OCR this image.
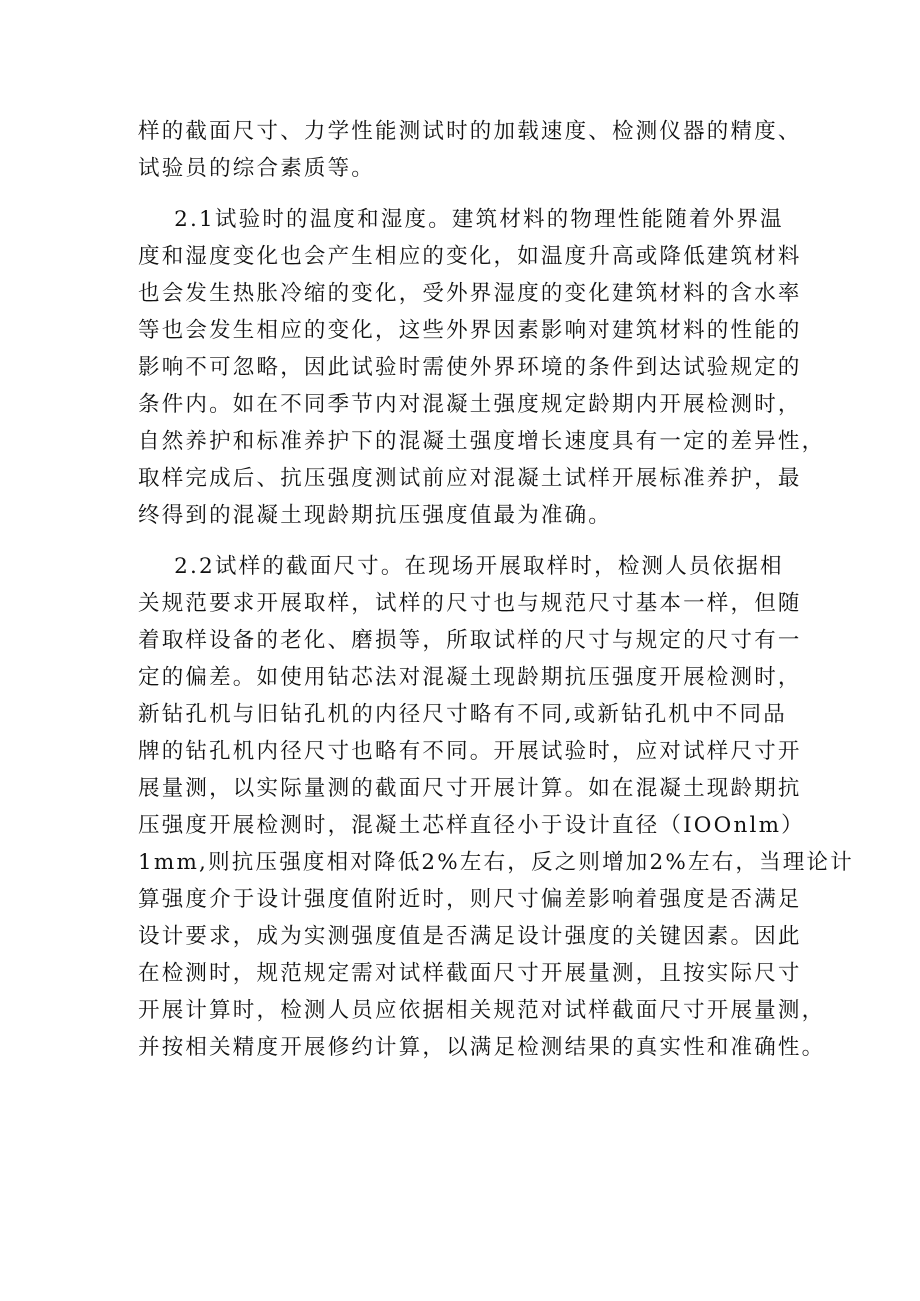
样的截面尺寸、力学性能测试时的加载速度、检测仪器的精度、
试验员的综合素质等。
2.1试验时的温度和湿度。建筑材料的物理性能随着外界温
度和湿度变化也会产生相应的变化，如温度升高或降低建筑材料
也会发生热胀冷缩的变化，受外界湿度的变化建筑材料的含水率
等也会发生相应的变化，这些外界因素影响对建筑材料的性能的
影响不可忽略，因此试验时需使外界环境的条件到达试验规定的
条件内。如在不同季节内对混凝土强度规定龄期内开展检测时，
自然养护和标准养护下的混凝土强度增长速度具有一定的差异性，
取样完成后、抗压强度测试前应对混凝土试样开展标准养护，最
终得到的混凝土现龄期抗压强度值最为准确。
2.2试样的截面尺寸。在现场开展取样时，检测人员依据相
关规范要求开展取样，试样的尺寸也与规范尺寸基本一样，但随
着取样设备的老化、磨损等，所取试样的尺寸与规定的尺寸有一
定的偏差。如使用钻芯法对混凝土现龄期抗压强度开展检测时，
新钻孔机与旧钻孔机的内径尺寸略有不同,或新钻孔机中不同品
牌的钻孔机内径尺寸也略有不同。开展试验时，应对试样尺寸开
展量测，以实际量测的截面尺寸开展计算。如在混凝土现龄期抗
压强度开展检测时，混凝土芯样直径小于设计直径（IOOnlm）
1mm,则抗压强度相对降低2%左右，反之则增加2%左右，当理论计
算强度介于设计强度值附近时，则尺寸偏差影响着强度是否满足
设计要求，成为实测强度值是否满足设计强度的关键因素。因此
在检测时，规范规定需对试样截面尺寸开展量测，且按实际尺寸
开展计算时，检测人员应依据相关规范对试样截面尺寸开展量测，
并按相关精度开展修约计算，以满足检测结果的真实性和准确性。
